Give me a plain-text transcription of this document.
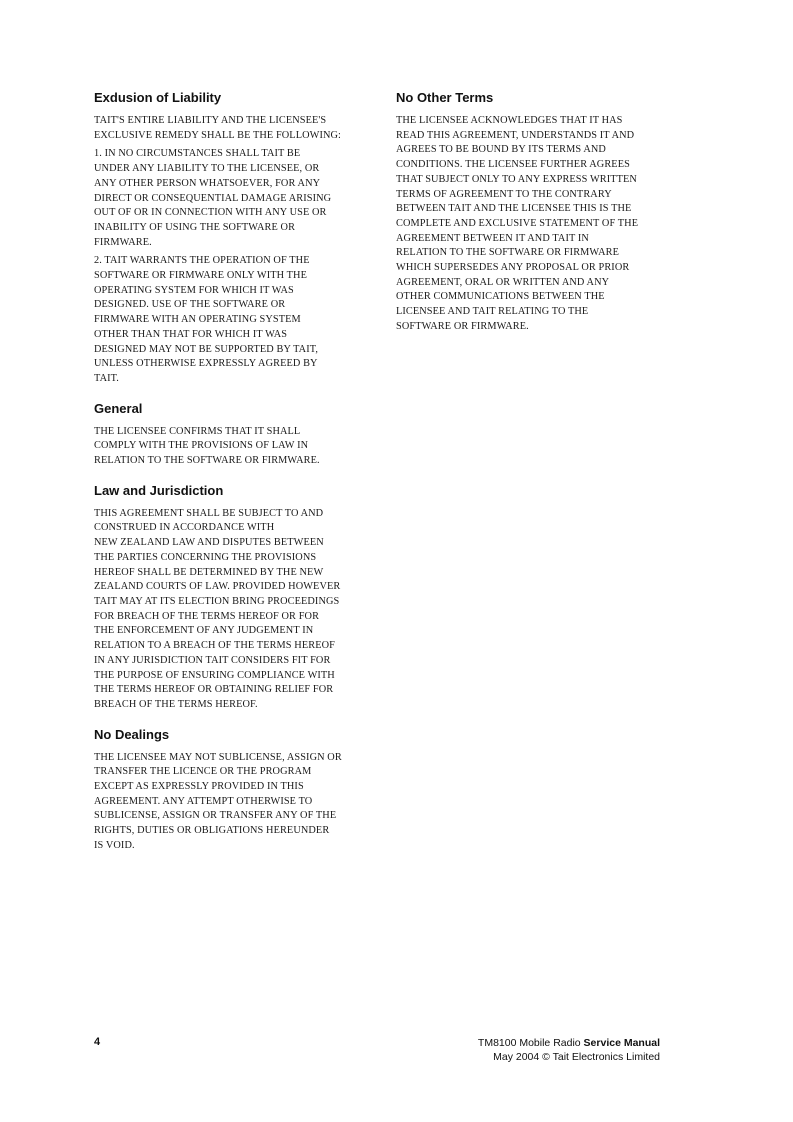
Exdusion of Liability

TAIT'S ENTIRE LIABILITY AND THE LICENSEE'S
EXCLUSIVE REMEDY SHALL BE THE FOLLOWING:

1. IN NO CIRCUMSTANCES SHALL TAIT BE
UNDER ANY LIABILITY TO THE LICENSEE, OR
ANY OTHER PERSON WHATSOEVER, FOR ANY
DIRECT OR CONSEQUENTIAL DAMAGE ARISING
OUT OF OR IN CONNECTION WITH ANY USE OR
INABILITY OF USING THE SOFTWARE OR
FIRMWARE.

2. TAIT WARRANTS THE OPERATION OF THE
SOFTWARE OR FIRMWARE ONLY WITH THE
OPERATING SYSTEM FOR WHICH IT WAS
DESIGNED. USE OF THE SOFTWARE OR
FIRMWARE WITH AN OPERATING SYSTEM
OTHER THAN THAT FOR WHICH IT WAS
DESIGNED MAY NOT BE SUPPORTED BY TAIT,
UNLESS OTHERWISE EXPRESSLY AGREED BY
TAIT.

General

THE LICENSEE CONFIRMS THAT IT SHALL
COMPLY WITH THE PROVISIONS OF LAW IN
RELATION TO THE SOFTWARE OR FIRMWARE.

Law and Jurisdiction

THIS AGREEMENT SHALL BE SUBJECT TO AND
CONSTRUED IN ACCORDANCE WITH
NEW ZEALAND LAW AND DISPUTES BETWEEN
THE PARTIES CONCERNING THE PROVISIONS
HEREOF SHALL BE DETERMINED BY THE NEW
ZEALAND COURTS OF LAW. PROVIDED HOWEVER
TAIT MAY AT ITS ELECTION BRING PROCEEDINGS
FOR BREACH OF THE TERMS HEREOF OR FOR
THE ENFORCEMENT OF ANY JUDGEMENT IN
RELATION TO A BREACH OF THE TERMS HEREOF
IN ANY JURISDICTION TAIT CONSIDERS FIT FOR
THE PURPOSE OF ENSURING COMPLIANCE WITH
THE TERMS HEREOF OR OBTAINING RELIEF FOR
BREACH OF THE TERMS HEREOF.

No Dealings

THE LICENSEE MAY NOT SUBLICENSE, ASSIGN OR
TRANSFER THE LICENCE OR THE PROGRAM
EXCEPT AS EXPRESSLY PROVIDED IN THIS
AGREEMENT. ANY ATTEMPT OTHERWISE TO
SUBLICENSE, ASSIGN OR TRANSFER ANY OF THE
RIGHTS, DUTIES OR OBLIGATIONS HEREUNDER
IS VOID.

No Other Terms

THE LICENSEE ACKNOWLEDGES THAT IT HAS
READ THIS AGREEMENT, UNDERSTANDS IT AND
AGREES TO BE BOUND BY ITS TERMS AND
CONDITIONS. THE LICENSEE FURTHER AGREES
THAT SUBJECT ONLY TO ANY EXPRESS WRITTEN
TERMS OF AGREEMENT TO THE CONTRARY
BETWEEN TAIT AND THE LICENSEE THIS IS THE
COMPLETE AND EXCLUSIVE STATEMENT OF THE
AGREEMENT BETWEEN IT AND TAIT IN
RELATION TO THE SOFTWARE OR FIRMWARE
WHICH SUPERSEDES ANY PROPOSAL OR PRIOR
AGREEMENT, ORAL OR WRITTEN AND ANY
OTHER COMMUNICATIONS BETWEEN THE
LICENSEE AND TAIT RELATING TO THE
SOFTWARE OR FIRMWARE.

4	TM8100 Mobile Radio Service Manual
May 2004 © Tait Electronics Limited
